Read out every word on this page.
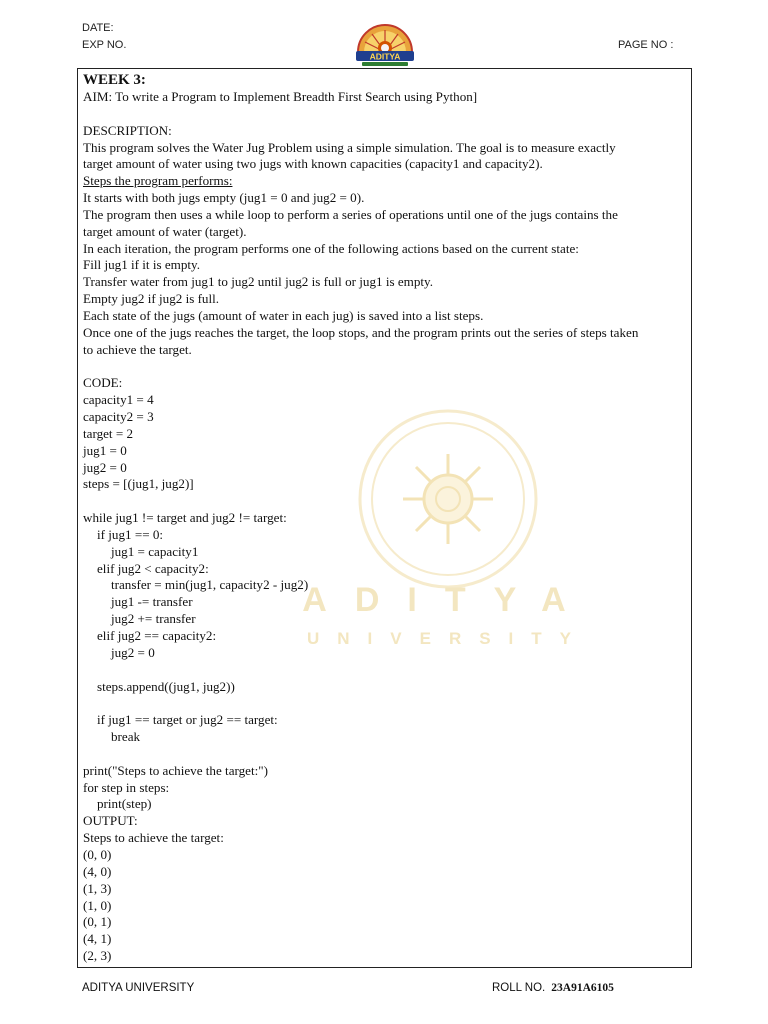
DATE:
EXP NO.	PAGE NO :
ADITYA
ADITYA
UNIVERSITY
WEEK 3:
AIM: To write a Program to Implement Breadth First Search using Python]
DESCRIPTION:
This program solves the Water Jug Problem using a simple simulation. The goal is to measure exactly
target amount of water using two jugs with known capacities (capacity1 and capacity2).
Steps the program performs:
It starts with both jugs empty (jug1 = 0 and jug2 = 0).
The program then uses a while loop to perform a series of operations until one of the jugs contains the
target amount of water (target).
In each iteration, the program performs one of the following actions based on the current state:
Fill jug1 if it is empty.
Transfer water from jug1 to jug2 until jug2 is full or jug1 is empty.
Empty jug2 if jug2 is full.
Each state of the jugs (amount of water in each jug) is saved into a list steps.
Once one of the jugs reaches the target, the loop stops, and the program prints out the series of steps taken
to achieve the target.
CODE:
capacity1 = 4
capacity2 = 3
target = 2
jug1 = 0
jug2 = 0
steps = [(jug1, jug2)]
while jug1 != target and jug2 != target:
if jug1 == 0:
jug1 = capacity1
elif jug2 < capacity2:
transfer = min(jug1, capacity2 - jug2)
jug1 -= transfer
jug2 += transfer
elif jug2 == capacity2:
jug2 = 0
steps.append((jug1, jug2))
if jug1 == target or jug2 == target:
break
print("Steps to achieve the target:")
for step in steps:
print(step)
OUTPUT:
Steps to achieve the target:
(0, 0)
(4, 0)
(1, 3)
(1, 0)
(0, 1)
(4, 1)
(2, 3)
ADITYA UNIVERSITY	ROLL NO. 23A91A6105
